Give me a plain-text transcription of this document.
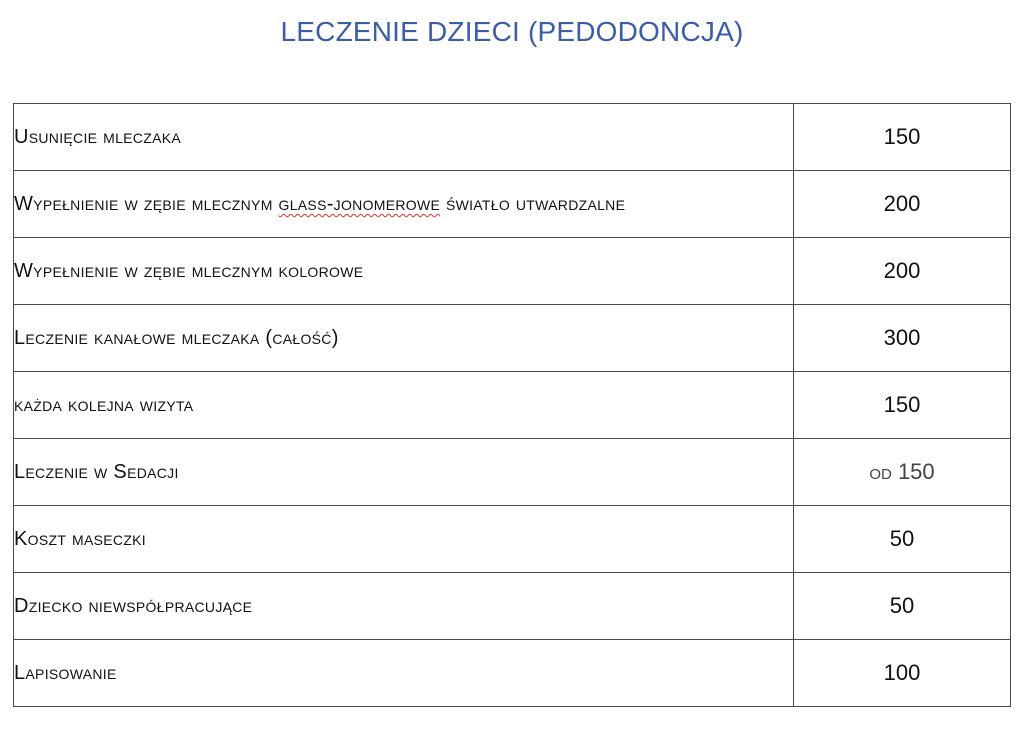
LECZENIE DZIECI (PEDODONCJA)
Usunięcie mleczaka	150
Wypełnienie w zębie mlecznym glass-jonomerowe światło utwardzalne	200
Wypełnienie w zębie mlecznym kolorowe	200
Leczenie kanałowe mleczaka (całość)	300
każda kolejna wizyta	150
Leczenie w Sedacji	od 150
Koszt maseczki	50
Dziecko niewspółpracujące	50
Lapisowanie	100
